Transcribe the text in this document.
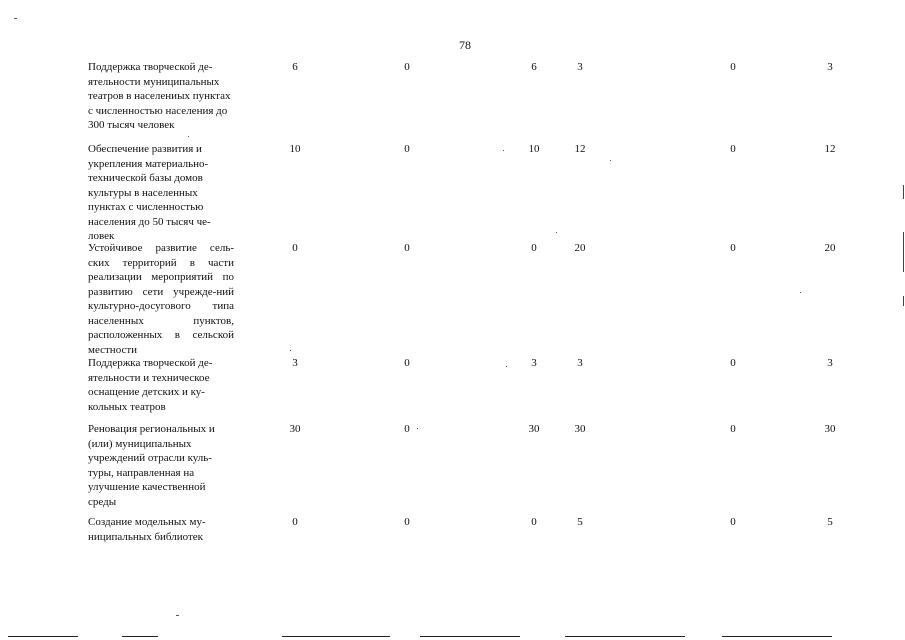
78
Поддержка творческой де-ятельности муниципальных театров в населениых пунктах с численностью населения до 300 тысяч человек
6	0	6	3	0	3
Обеспечение развития и укрепления материально-технической базы домов культуры в населенных пунктах с численностью населения до 50 тысяч че-ловек
10	0	10	12	0	12
Устойчивое развитие сель-ских территорий в части реализации мероприятий по развитию сети учрежде-ний культурно-досугового типа населенных пунктов, расположенных в сельской местности
0	0	0	20	0	20
Поддержка творческой де-ятельности и техническое оснащение детских и ку-кольных театров
3	0	3	3	0	3
Реновация региональных и (или) муниципальных учреждений отрасли куль-туры, направленная на улучшение качественной среды
30	0	30	30	0	30
Создание модельных му-ниципальных библиотек
0	0	0	5	0	5
